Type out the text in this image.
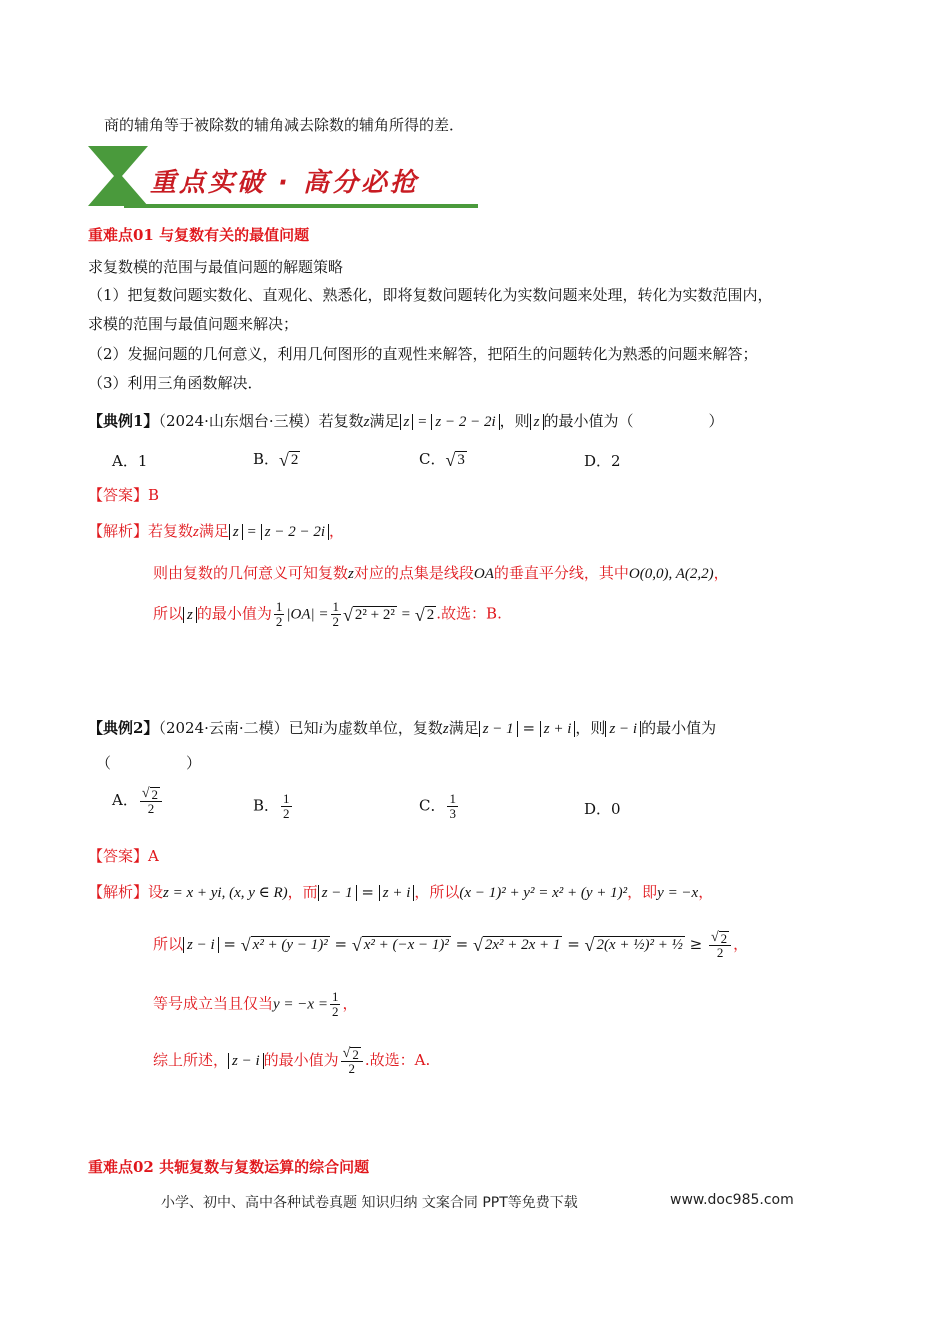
商的辅角等于被除数的辅角减去除数的辅角所得的差．
重点实破 · 高分必抢
重难点01 与复数有关的最值问题
求复数模的范围与最值问题的解题策略
（1）把复数问题实数化、直观化、熟悉化，即将复数问题转化为实数问题来处理，转化为实数范围内，
求模的范围与最值问题来解决；
（2）发掘问题的几何意义，利用几何图形的直观性来解答，把陌生的问题转化为熟悉的问题来解答；
（3）利用三角函数解决．
【典例1】（2024·山东烟台·三模）若复数z满足 z = z − 2 − 2i ，则 z 的最小值为（　　　　　）
A．1	B． √ 2	C． √ 3	D．2
【答案】B
【解析】若复数z满足 z = z − 2 − 2i ，
则由复数的几何意义可知复数z对应的点集是线段OA的垂直平分线，其中O(0,0), A(2,2)，
所以 z 的最小值为 $\frac{1}{2} |OA| = \frac{1}{2}$ √ 2² + 2² = √ 2 .故选：B.
【典例2】（2024·云南·二模）已知i为虚数单位，复数z满足 z − 1 = z + i ，则 z − i 的最小值为
（　　　　　）
A． $\frac{√ 2}{2}$	B． $\frac{1}{2}$	C． $\frac{1}{3}$	D．0
【答案】A
【解析】设z = x + yi, (x, y ∈ R)，而 z − 1 = z + i ，所以(x − 1)² + y² = x² + (y + 1)²，即y = −x，
所以 z − i = √ x² + (y − 1)² = √ x² + (−x − 1)² = √ 2x² + 2x + 1 = √ 2(x + ½)² + ½ ≥ $\frac{√ 2}{2}$ ，
等号成立当且仅当$y = -x = \frac{1}{2}$ ，
综上所述， z − i 的最小值为 $\frac{√ 2}{2}$ .故选：A.
重难点02 共轭复数与复数运算的综合问题
小学、初中、高中各种试卷真题 知识归纳 文案合同 PPT等免费下载	www.doc985.com
